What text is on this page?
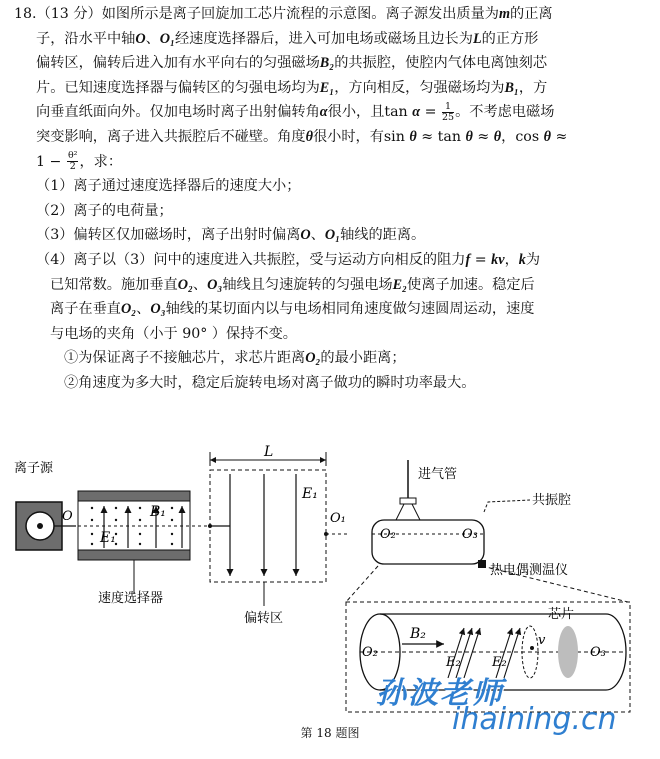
18.（13 分）如图所示是离子回旋加工芯片流程的示意图。离子源发出质量为m的正离
子，沿水平中轴O、O₁经速度选择器后，进入可加电场或磁场且边长为L的正方形
偏转区，偏转后进入加有水平向右的匀强磁场B₂的共振腔，使腔内气体电离蚀刻芯
片。已知速度选择器与偏转区的匀强电场均为E₁，方向相反，匀强磁场均为B₁，方
向垂直纸面向外。仅加电场时离子出射偏转角α很小，且$\tan \alpha = \frac{1}{25}$ 。不考虑电磁场
突变影响，离子进入共振腔后不碰壁。角度θ很小时，有sin θ ≈ tan θ ≈ θ，cos θ ≈
$1 - \frac{\text{θ²}}{2}$ ，求：
（1）离子通过速度选择器后的速度大小；
（2）离子的电荷量；
（3）偏转区仅加磁场时，离子出射时偏离O、O₁轴线的距离。
（4）离子以（3）问中的速度进入共振腔，受与运动方向相反的阻力f = kv，k为
已知常数。施加垂直O₂、O₃轴线且匀速旋转的匀强电场E₂使离子加速。稳定后
离子在垂直O₂、O₃轴线的某切面内以与电场相同角速度做匀速圆周运动，速度
与电场的夹角（小于 90° ）保持不变。
①为保证离子不接触芯片，求芯片距离O₂的最小距离；
②角速度为多大时，稳定后旋转电场对离子做功的瞬时功率最大。
离子源
O	B₁
E₁
速度选择器
L
E₁
O₁
偏转区
进气管
O₂	O₃
共振腔
热电偶测温仪
O₂	O₃
B₂
E₂ E₂
v
芯片
孙波老师
ihaining.cn
第 18 题图
